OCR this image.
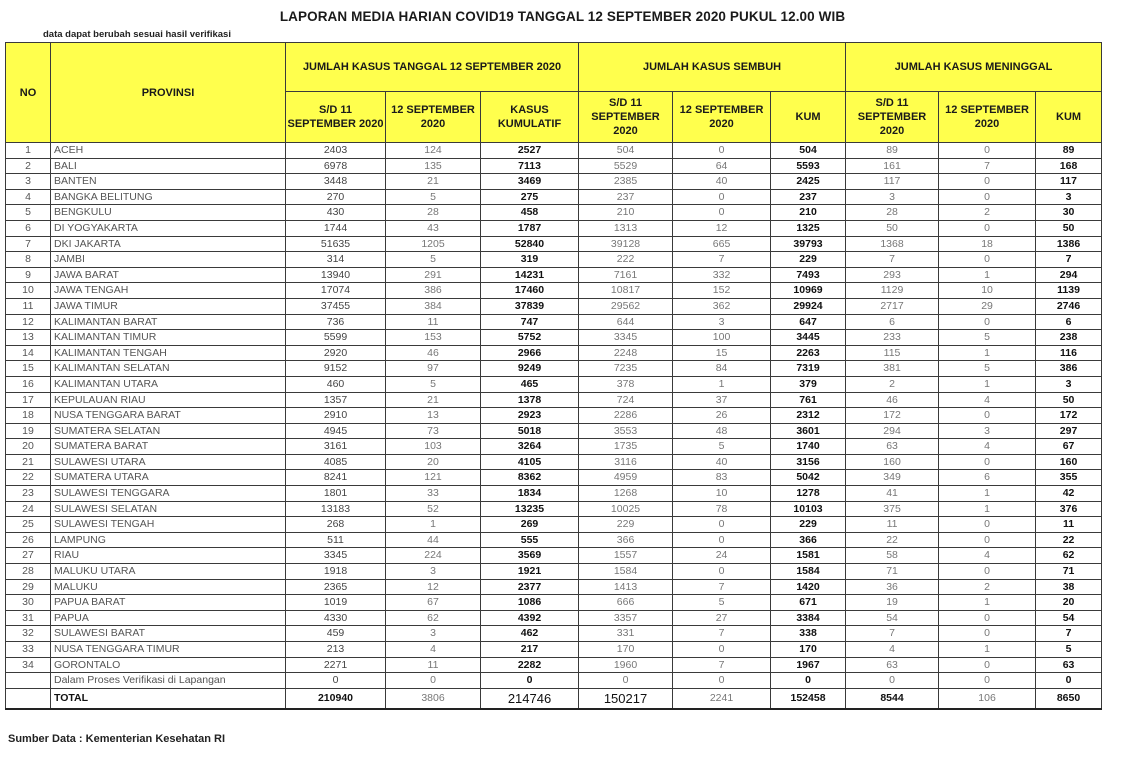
LAPORAN MEDIA HARIAN COVID19 TANGGAL 12 SEPTEMBER 2020 PUKUL 12.00 WIB
data dapat berubah sesuai hasil verifikasi
NO	PROVINSI	JUMLAH KASUS TANGGAL 12 SEPTEMBER 2020			JUMLAH KASUS SEMBUH			JUMLAH KASUS MENINGGAL		
		S/D 11 SEPTEMBER 2020	12 SEPTEMBER 2020	KASUS KUMULATIF	S/D 11 SEPTEMBER 2020	12 SEPTEMBER 2020	KUM	S/D 11 SEPTEMBER 2020	12 SEPTEMBER 2020	KUM
1	ACEH	2403	124	2527	504	0	504	89	0	89
2	BALI	6978	135	7113	5529	64	5593	161	7	168
3	BANTEN	3448	21	3469	2385	40	2425	117	0	117
4	BANGKA BELITUNG	270	5	275	237	0	237	3	0	3
5	BENGKULU	430	28	458	210	0	210	28	2	30
6	DI YOGYAKARTA	1744	43	1787	1313	12	1325	50	0	50
7	DKI JAKARTA	51635	1205	52840	39128	665	39793	1368	18	1386
8	JAMBI	314	5	319	222	7	229	7	0	7
9	JAWA BARAT	13940	291	14231	7161	332	7493	293	1	294
10	JAWA TENGAH	17074	386	17460	10817	152	10969	1129	10	1139
11	JAWA TIMUR	37455	384	37839	29562	362	29924	2717	29	2746
12	KALIMANTAN BARAT	736	11	747	644	3	647	6	0	6
13	KALIMANTAN TIMUR	5599	153	5752	3345	100	3445	233	5	238
14	KALIMANTAN TENGAH	2920	46	2966	2248	15	2263	115	1	116
15	KALIMANTAN SELATAN	9152	97	9249	7235	84	7319	381	5	386
16	KALIMANTAN UTARA	460	5	465	378	1	379	2	1	3
17	KEPULAUAN RIAU	1357	21	1378	724	37	761	46	4	50
18	NUSA TENGGARA BARAT	2910	13	2923	2286	26	2312	172	0	172
19	SUMATERA SELATAN	4945	73	5018	3553	48	3601	294	3	297
20	SUMATERA BARAT	3161	103	3264	1735	5	1740	63	4	67
21	SULAWESI UTARA	4085	20	4105	3116	40	3156	160	0	160
22	SUMATERA UTARA	8241	121	8362	4959	83	5042	349	6	355
23	SULAWESI TENGGARA	1801	33	1834	1268	10	1278	41	1	42
24	SULAWESI SELATAN	13183	52	13235	10025	78	10103	375	1	376
25	SULAWESI TENGAH	268	1	269	229	0	229	11	0	11
26	LAMPUNG	511	44	555	366	0	366	22	0	22
27	RIAU	3345	224	3569	1557	24	1581	58	4	62
28	MALUKU UTARA	1918	3	1921	1584	0	1584	71	0	71
29	MALUKU	2365	12	2377	1413	7	1420	36	2	38
30	PAPUA BARAT	1019	67	1086	666	5	671	19	1	20
31	PAPUA	4330	62	4392	3357	27	3384	54	0	54
32	SULAWESI BARAT	459	3	462	331	7	338	7	0	7
33	NUSA TENGGARA TIMUR	213	4	217	170	0	170	4	1	5
34	GORONTALO	2271	11	2282	1960	7	1967	63	0	63
	Dalam Proses Verifikasi di Lapangan	0	0	0	0	0	0	0	0	0
	TOTAL	210940	3806	214746	150217	2241	152458	8544	106	8650
Sumber Data : Kementerian Kesehatan RI
